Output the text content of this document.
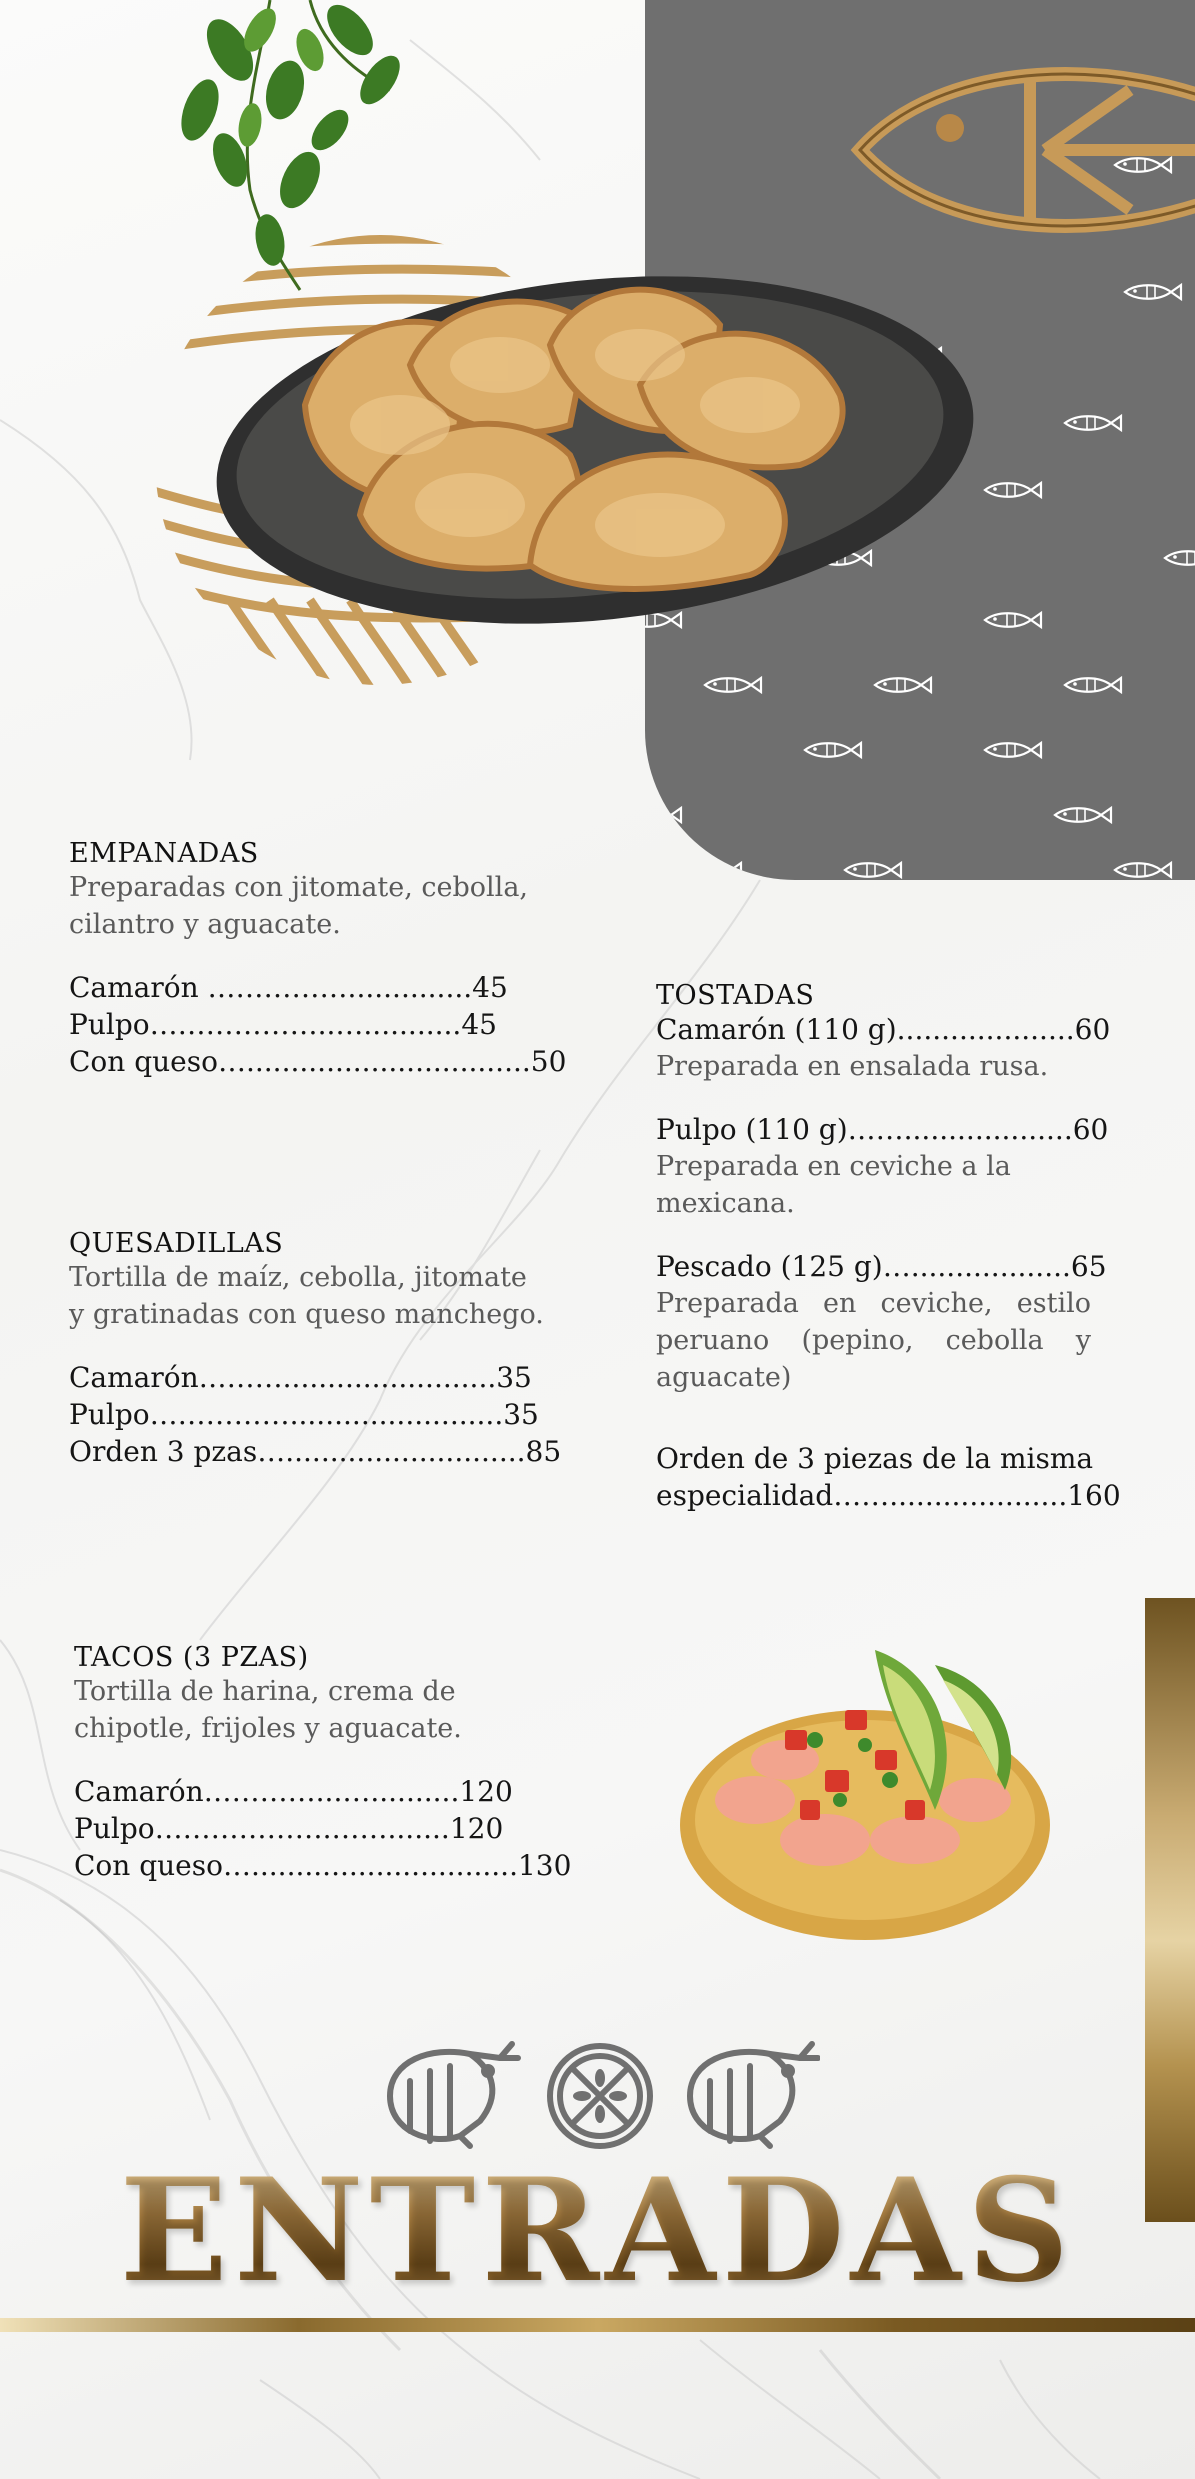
EMPANADAS
Preparadas con jitomate, cebolla,
cilantro y aguacate.
Camarón ……………..............45
Pulpo………………..…...........45
Con queso…................................50
QUESADILLAS
Tortilla de maíz, cebolla, jitomate
y gratinadas con queso manchego.
Camarón………........................35
Pulpo……………........................35
Orden 3 pzas…...........................85
TACOS (3 PZAS)
Tortilla de harina, crema de
chipotle, frijoles y aguacate.
Camarón…………...…..........120
Pulpo……………….…….......120
Con queso…..............................130
TOSTADAS
Camarón (110 g)....................60
Preparada en ensalada rusa.
Pulpo (110 g)……...................60
Preparada en ceviche a la mexicana.
Pescado (125 g)…..................65
Preparada en ceviche, estilo peruano (pepino, cebolla y aguacate)
Orden de 3 piezas de la misma
especialidad……....................160
ENTRADAS
